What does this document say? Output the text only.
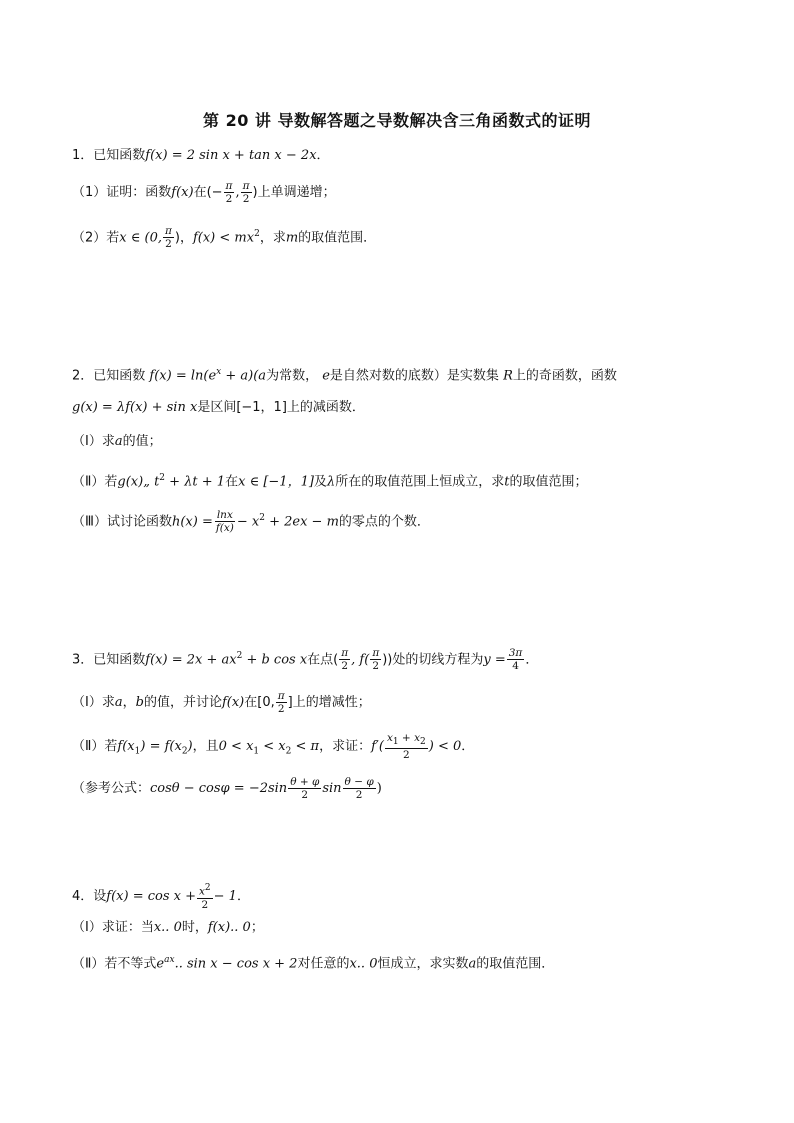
第 20 讲 导数解答题之导数解决含三角函数式的证明
1．已知函数f(x) = 2 sin x + tan x − 2x．
（1）证明：函数f(x)在(− $\frac{\pi}{2}$ , $\frac{\pi}{2}$ )上单调递增；
（2）若x ∈ (0, $\frac{\pi}{2}$ )，$f(x) < mx^2$，求m的取值范围．
2．已知函数 $f(x) = \ln(e^x + a)(a$为常数， e是自然对数的底数）是实数集 R上的奇函数，函数
g(x) = λf(x) + sin x是区间[−1，1]上的减函数．
（Ⅰ）求a的值；
（Ⅱ）若g(x)„ $t^2 + \lambda t + 1$在x ∈ [−1，1]及λ所在的取值范围上恒成立，求t的取值范围；
（Ⅲ）试讨论函数$h(x) = \frac{\ln x}{f(x)} - x^2 + 2ex - m$的零点的个数．
3．已知函数$f(x) = 2x + ax^2 + b$ cos x在点( $\frac{\pi}{2}$ , $f( \frac{\pi}{2}$ ))处的切线方程为$y = \frac{3\pi}{4}$ ．
（Ⅰ）求a，b的值，并讨论f(x)在[0, $\frac{\pi}{2}$ ]上的增减性；
（Ⅱ）若$f(x_1) = f(x_2)$，且$0 < x_1 < x_2 < \pi$，求证：$f'( \frac{x_1 + x_2}{2}$ ) < 0．
（参考公式：$\cos\theta - \cos\varphi = -2\sin \frac{\theta + \varphi}{2}$ $\sin \frac{\theta - \varphi}{2}$ )
4．设$f(x) = \cos x + \frac{x^2}{2} - 1$．
（Ⅰ）求证：当x.. 0时，f(x).. 0；
（Ⅱ）若不等式$e^{ax}$.. sin x − cos x + 2对任意的x.. 0恒成立，求实数a的取值范围．
